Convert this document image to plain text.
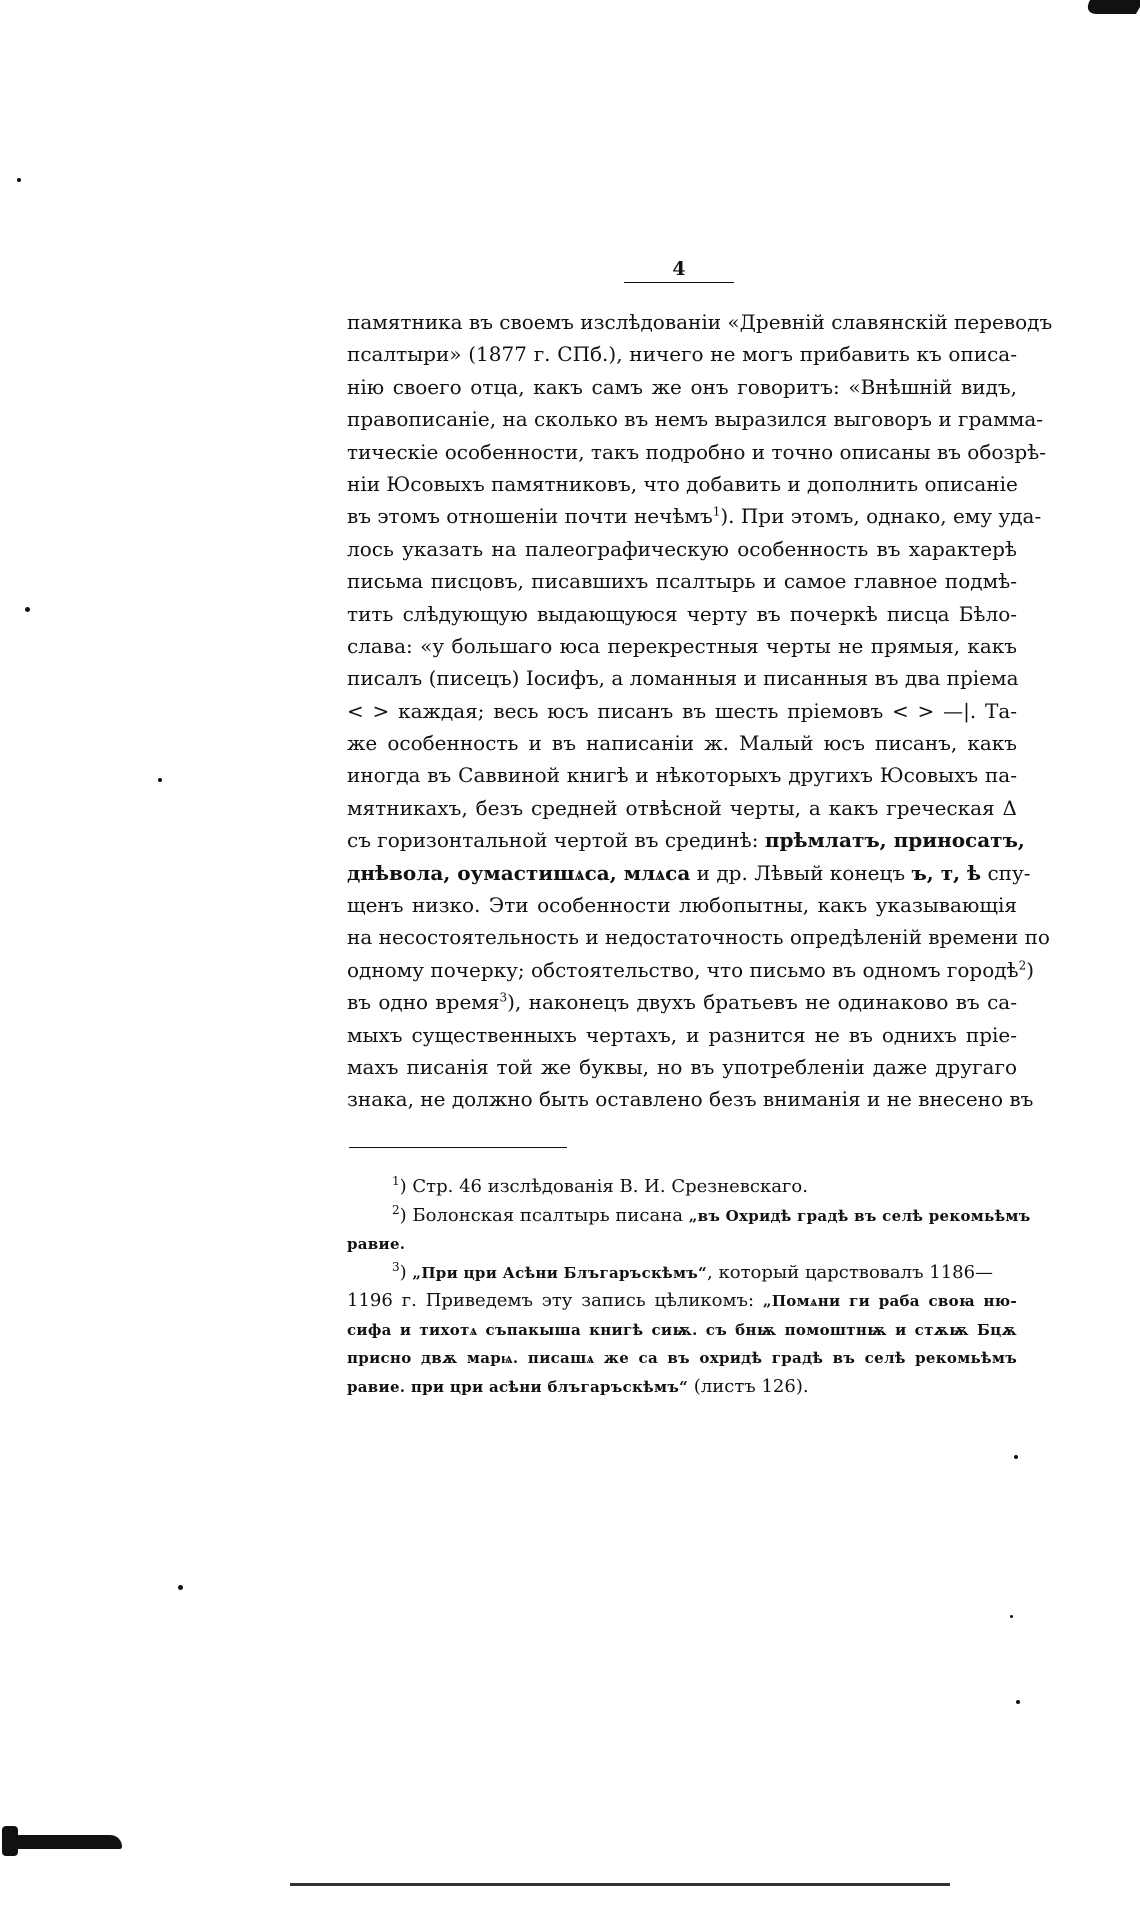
4
памятника въ своемъ изслѣдованіи «Древній славянскій переводъ
псалтыри» (1877 г. СПб.), ничего не могъ прибавить къ описа-
нію своего отца, какъ самъ же онъ говоритъ: «Внѣшній видъ,
правописаніе, на сколько въ немъ выразился выговоръ и грамма-
тическіе особенности, такъ подробно и точно описаны въ обозрѣ-
ніи Юсовыхъ памятниковъ, что добавить и дополнить описаніе
въ этомъ отношеніи почти нечѣмъ$^1$). При этомъ, однако, ему уда-
лось указать на палеографическую особенность въ характерѣ
письма писцовъ, писавшихъ псалтырь и самое главное подмѣ-
тить слѣдующую выдающуюся черту въ почеркѣ писца Бѣло-
слава: «у большаго юса перекрестныя черты не прямыя, какъ
писалъ (писецъ) Іосифъ, а ломанныя и писанныя въ два пріема
< > каждая; весь юсъ писанъ въ шесть пріемовъ < > —|. Та-
же особенность и въ написаніи ж. Малый юсъ писанъ, какъ
иногда въ Саввиной книгѣ и нѣкоторыхъ другихъ Юсовыхъ па-
мятникахъ, безъ средней отвѣсной черты, а какъ греческая Δ
съ горизонтальной чертой въ срединѣ: прѣмлатъ, приносатъ,
днѣвола, оумастишѧса, млѧса и др. Лѣвый конецъ ъ, т, ѣ спу-
щенъ низко. Эти особенности любопытны, какъ указывающія
на несостоятельность и недостаточность опредѣленій времени по
одному почерку; обстоятельство, что письмо въ одномъ городѣ$^2$)
въ одно время$^3$), наконецъ двухъ братьевъ не одинаково въ са-
мыхъ существенныхъ чертахъ, и разнится не въ однихъ пріе-
махъ писанія той же буквы, но въ употребленіи даже другаго
знака, не должно быть оставлено безъ вниманія и не внесено въ
$^1$) Стр. 46 изслѣдованія В. И. Срезневскаго.
$^2$) Болонская псалтырь писана „въ Охридѣ градѣ въ селѣ рекомьѣмъ
равие.
$^3$) „При цри Асѣни Блъгаръскѣмъ“, который царствовалъ 1186—
1196 г. Приведемъ эту запись цѣликомъ: „Помѧни ги раба своꙗ ню-
сифа и тихотѧ съпакыша книгѣ сиѭ. съ бнѭ помоштнѭ и стѫѭ Бцѫ
присно двѫ марѩ. писашѧ же са въ охридѣ градѣ въ селѣ рекомьѣмъ
равие. при цри асѣни блъгаръскѣмъ“ (листъ 126).
